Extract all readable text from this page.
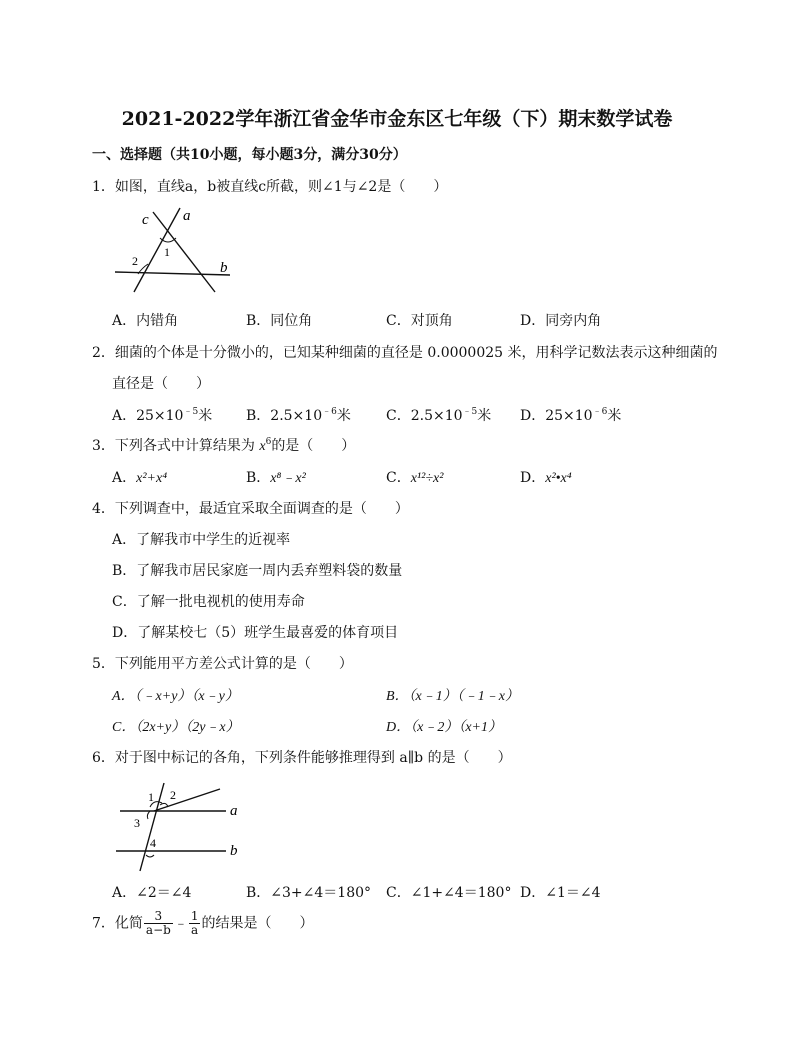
2021-2022学年浙江省金华市金东区七年级（下）期末数学试卷
一、选择题（共10小题，每小题3分，满分30分）
1．如图，直线a，b被直线c所截，则∠1与∠2是（　　）
c a
1
2	b
A．内错角	B．同位角	C．对顶角	D．同旁内角
2．细菌的个体是十分微小的，已知某种细菌的直径是 0.0000025 米，用科学记数法表示这种细菌的
直径是（　　）
A．$25\times 10^{﹣5}$米 B．$2.5\times 10^{﹣6}$米	C．$2.5\times 10^{﹣5}$米 D．$25\times 10^{﹣6}$米
3．下列各式中计算结果为 $x^6$的是（　　）
A．x²+x⁴	B．x⁸﹣x²	C．x¹²÷x²	D．x²•x⁴
4．下列调查中，最适宜采取全面调查的是（　　）
A．了解我市中学生的近视率
B．了解我市居民家庭一周内丢弃塑料袋的数量
C．了解一批电视机的使用寿命
D．了解某校七（5）班学生最喜爱的体育项目
5．下列能用平方差公式计算的是（　　）
A．（﹣x+y）（x﹣y）	B．（x﹣1）（﹣1﹣x）
C．（2x+y）（2y﹣x）	D．（x﹣2）（x+1）
6．对于图中标记的各角，下列条件能够推理得到 a∥b 的是（　　）
1 2
3
4
a
b
A．∠2＝∠4	B．∠3+∠4＝180° C．∠1+∠4＝180° D．∠1＝∠4
7．化简 $\frac{3}{a-b}$ ﹣ $\frac{1}{a}$ 的结果是（　　）
